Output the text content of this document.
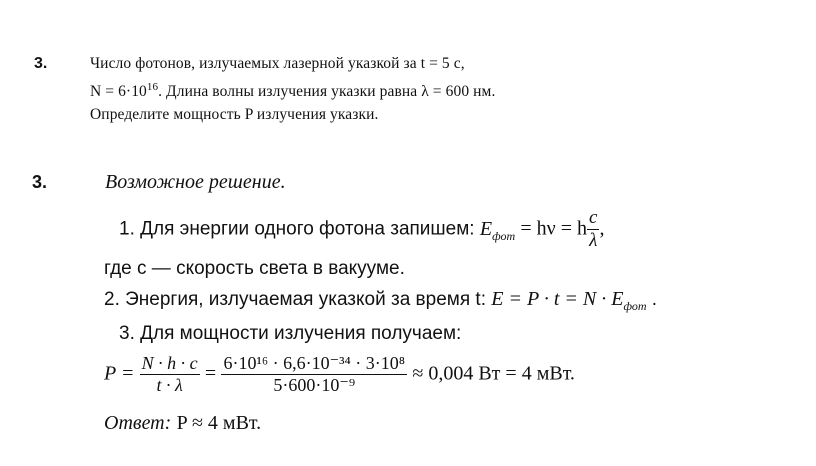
3.	Число фотонов, излучаемых лазерной указкой за t = 5 с,
$N = 6\cdot 10^{16}$. Длина волны излучения указки равна λ = 600 нм.
Определите мощность P излучения указки.
3.	Возможное решение.
1. Для энергии одного фотона запишем: $E_{фот} = h\nu = h \frac{c}{\lambda}$ ,
где c — скорость света в вакууме.
2. Энергия, излучаемая указкой за время t: $E = P \cdot t = N \cdot E_{фот}$ .
3. Для мощности излучения получаем:
$P = \frac{N \cdot h \cdot c}{t \cdot \lambda} = \frac{\text{6·10¹⁶ · 6,6·10⁻³⁴ · 3·10⁸}}{\text{5·600·10⁻⁹}} \approx 0,004$ Вт = 4 мВт.
Ответ: P ≈ 4 мВт.
